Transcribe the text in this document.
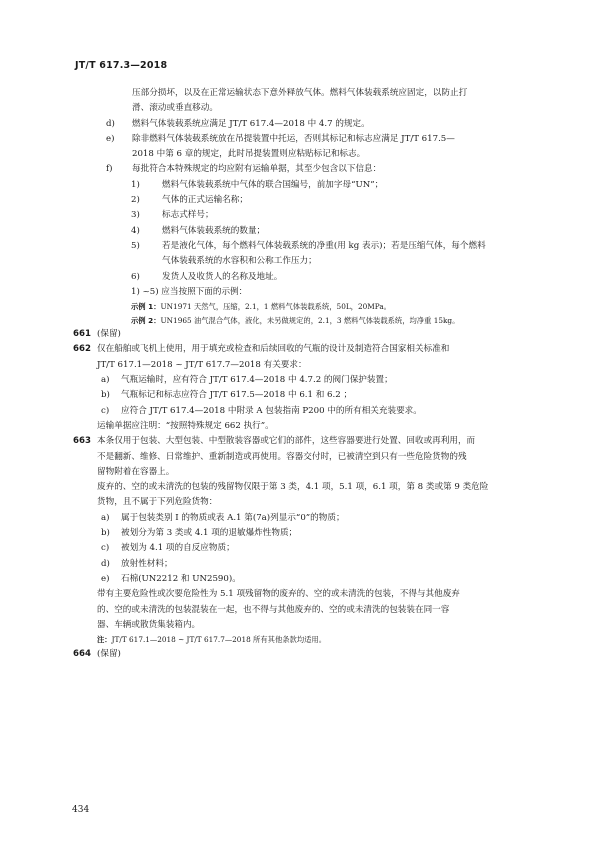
JT/T 617.3—2018
压部分损坏，以及在正常运输状态下意外释放气体。燃料气体装载系统应固定，以防止打
滑、滚动或垂直移动。
d) 燃料气体装载系统应满足 JT/T 617.4—2018 中 4.7 的规定。
e) 除非燃料气体装载系统放在吊提装置中托运，否则其标记和标志应满足 JT/T 617.5—
2018 中第 6 章的规定，此时吊提装置则应粘贴标记和标志。
f) 每批符合本特殊规定的均应附有运输单据，其至少包含以下信息：
1)	燃料气体装载系统中气体的联合国编号，前加字母“UN”；
2)	气体的正式运输名称；
3)	标志式样号；
4)	燃料气体装载系统的数量；
5)	若是液化气体，每个燃料气体装载系统的净重(用 kg 表示)；若是压缩气体，每个燃料
气体装载系统的水容积和公称工作压力；
6)	发货人及收货人的名称及地址。
1) ~5) 应当按照下面的示例：
示例 1：UN1971 天然气，压缩，2.1，1 燃料气体装载系统，50L，20MPa。
示例 2：UN1965 油气混合气体，液化，未另做规定的，2.1，3 燃料气体装载系统，均净重 15kg。
661 (保留)
662 仅在船舶或飞机上使用，用于填充或检查和后续回收的气瓶的设计及制造符合国家相关标准和
JT/T 617.1—2018 ~ JT/T 617.7—2018 有关要求：
a) 气瓶运输时，应有符合 JT/T 617.4—2018 中 4.7.2 的阀门保护装置；
b) 气瓶标记和标志应符合 JT/T 617.5—2018 中 6.1 和 6.2 ；
c) 应符合 JT/T 617.4—2018 中附录 A 包装指南 P200 中的所有相关充装要求。
运输单据应注明：“按照特殊规定 662 执行”。
663 本条仅用于包装、大型包装、中型散装容器或它们的部件，这些容器要进行处置、回收或再利用，而
不是翻新、维修、日常维护、重新制造或再使用。容器交付时，已被清空到只有一些危险货物的残
留物附着在容器上。
废弃的、空的或未清洗的包装的残留物仅限于第 3 类，4.1 项，5.1 项，6.1 项，第 8 类或第 9 类危险
货物，且不属于下列危险货物：
a) 属于包装类别 Ⅰ 的物质或表 A.1 第(7a)列显示“0”的物质；
b) 被划分为第 3 类或 4.1 项的退敏爆炸性物质；
c) 被划为 4.1 项的自反应物质；
d) 放射性材料；
e) 石棉(UN2212 和 UN2590)。
带有主要危险性或次要危险性为 5.1 项残留物的废弃的、空的或未清洗的包装，不得与其他废弃
的、空的或未清洗的包装混装在一起，也不得与其他废弃的、空的或未清洗的包装装在同一容
器、车辆或散货集装箱内。
注：JT/T 617.1—2018 ~ JT/T 617.7—2018 所有其他条款均适用。
664 (保留)
434
